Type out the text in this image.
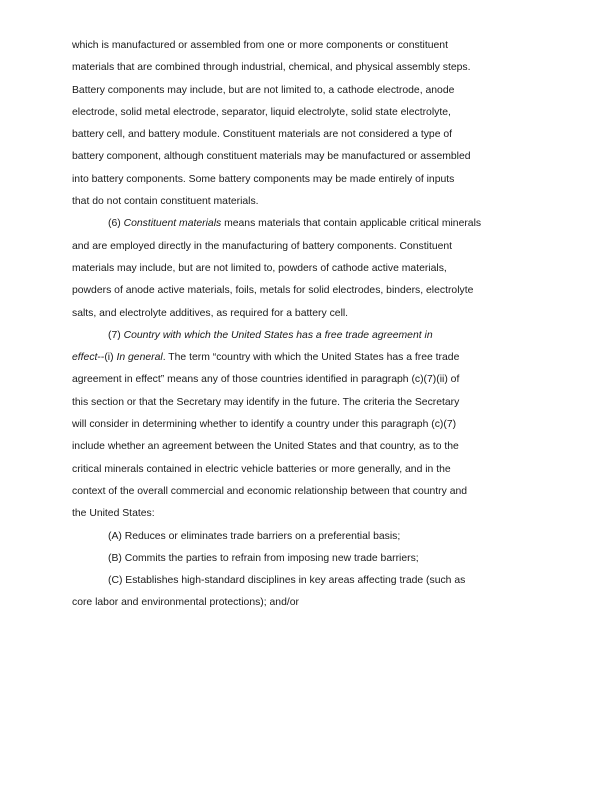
which is manufactured or assembled from one or more components or constituent
materials that are combined through industrial, chemical, and physical assembly steps.
Battery components may include, but are not limited to, a cathode electrode, anode
electrode, solid metal electrode, separator, liquid electrolyte, solid state electrolyte,
battery cell, and battery module. Constituent materials are not considered a type of
battery component, although constituent materials may be manufactured or assembled
into battery components. Some battery components may be made entirely of inputs
that do not contain constituent materials.
(6) Constituent materials means materials that contain applicable critical minerals
and are employed directly in the manufacturing of battery components. Constituent
materials may include, but are not limited to, powders of cathode active materials,
powders of anode active materials, foils, metals for solid electrodes, binders, electrolyte
salts, and electrolyte additives, as required for a battery cell.
(7) Country with which the United States has a free trade agreement in
effect--(i) In general. The term “country with which the United States has a free trade
agreement in effect” means any of those countries identified in paragraph (c)(7)(ii) of
this section or that the Secretary may identify in the future. The criteria the Secretary
will consider in determining whether to identify a country under this paragraph (c)(7)
include whether an agreement between the United States and that country, as to the
critical minerals contained in electric vehicle batteries or more generally, and in the
context of the overall commercial and economic relationship between that country and
the United States:
(A) Reduces or eliminates trade barriers on a preferential basis;
(B) Commits the parties to refrain from imposing new trade barriers;
(C) Establishes high-standard disciplines in key areas affecting trade (such as
core labor and environmental protections); and/or
